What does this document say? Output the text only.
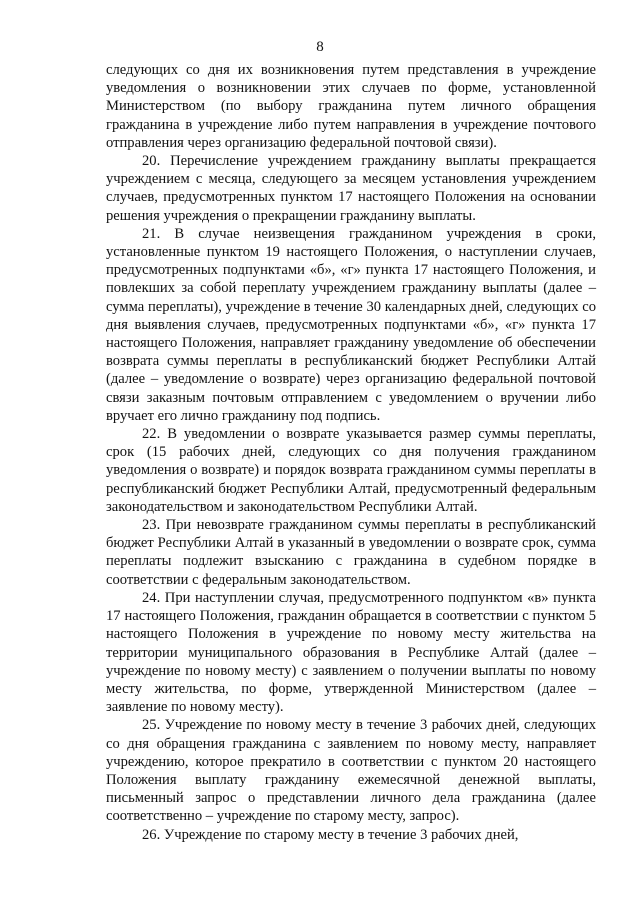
8

следующих со дня их возникновения путем представления в учреждение уведомления о возникновении этих случаев по форме, установленной Министерством (по выбору гражданина путем личного обращения гражданина в учреждение либо путем направления в учреждение почтового отправления через организацию федеральной почтовой связи).

20. Перечисление учреждением гражданину выплаты прекращается учреждением с месяца, следующего за месяцем установления учреждением случаев, предусмотренных пунктом 17 настоящего Положения на основании решения учреждения о прекращении гражданину выплаты.

21. В случае неизвещения гражданином учреждения в сроки, установленные пунктом 19 настоящего Положения, о наступлении случаев, предусмотренных подпунктами «б», «г» пункта 17 настоящего Положения, и повлекших за собой переплату учреждением гражданину выплаты (далее – сумма переплаты), учреждение в течение 30 календарных дней, следующих со дня выявления случаев, предусмотренных подпунктами «б», «г» пункта 17 настоящего Положения, направляет гражданину уведомление об обеспечении возврата суммы переплаты в республиканский бюджет Республики Алтай (далее – уведомление о возврате) через организацию федеральной почтовой связи заказным почтовым отправлением с уведомлением о вручении либо вручает его лично гражданину под подпись.

22. В уведомлении о возврате указывается размер суммы переплаты, срок (15 рабочих дней, следующих со дня получения гражданином уведомления о возврате) и порядок возврата гражданином суммы переплаты в республиканский бюджет Республики Алтай, предусмотренный федеральным законодательством и законодательством Республики Алтай.

23. При невозврате гражданином суммы переплаты в республиканский бюджет Республики Алтай в указанный в уведомлении о возврате срок, сумма переплаты подлежит взысканию с гражданина в судебном порядке в соответствии с федеральным законодательством.

24. При наступлении случая, предусмотренного подпунктом «в» пункта 17 настоящего Положения, гражданин обращается в соответствии с пунктом 5 настоящего Положения в учреждение по новому месту жительства на территории муниципального образования в Республике Алтай (далее – учреждение по новому месту) с заявлением о получении выплаты по новому месту жительства, по форме, утвержденной Министерством (далее – заявление по новому месту).

25. Учреждение по новому месту в течение 3 рабочих дней, следующих со дня обращения гражданина с заявлением по новому месту, направляет учреждению, которое прекратило в соответствии с пунктом 20 настоящего Положения выплату гражданину ежемесячной денежной выплаты, письменный запрос о представлении личного дела гражданина (далее соответственно – учреждение по старому месту, запрос).

26. Учреждение по старому месту в течение 3 рабочих дней,
